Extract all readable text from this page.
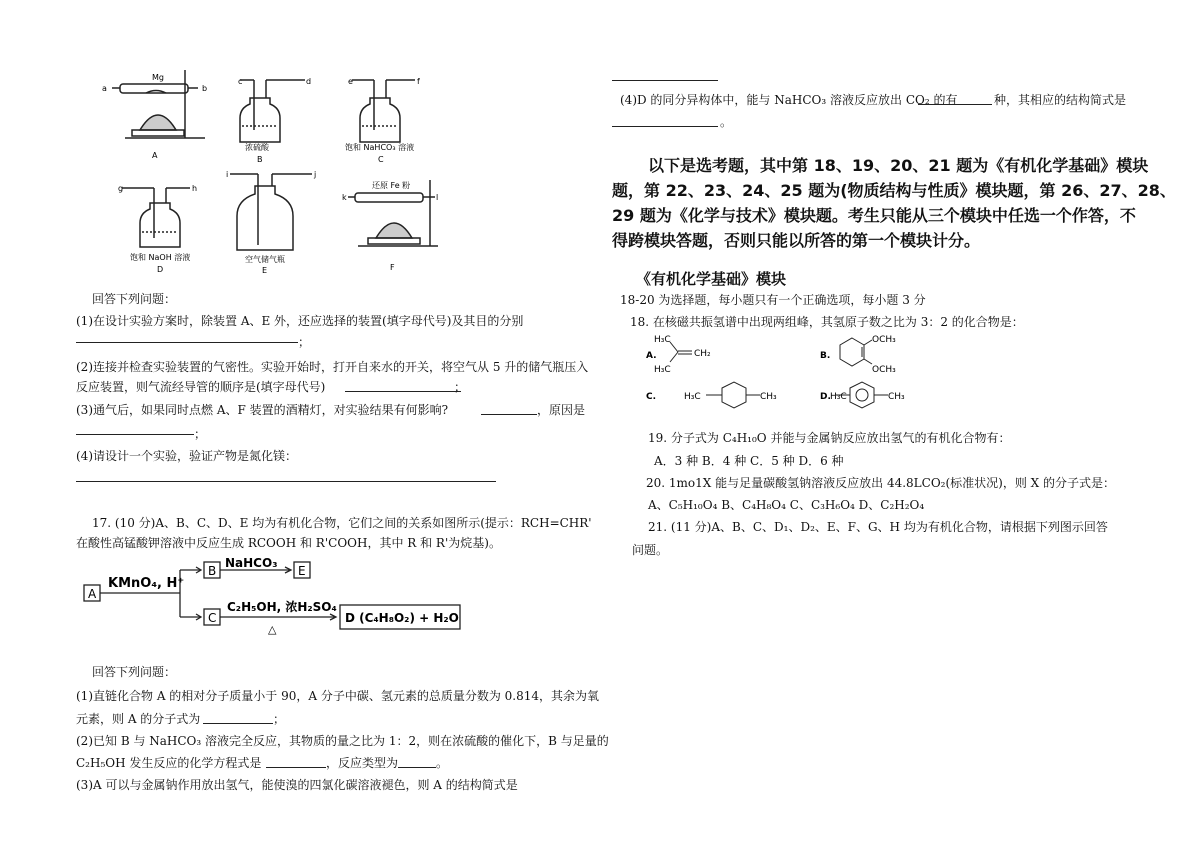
Mg
a	b
A
c	d
浓硫酸
B
e	f
饱和 NaHCO₃ 溶液
C
g	h
饱和 NaOH 溶液
D
i	j
空气储气瓶
E
还原 Fe 粉
k	l
F
回答下列问题：
(1)在设计实验方案时，除装置 A、E 外，还应选择的装置(填字母代号)及其目的分别
；
(2)连接并检查实验装置的气密性。实验开始时，打开自来水的开关，将空气从 5 升的储气瓶压入
反应装置，则气流经导管的顺序是(填字母代号)	；
(3)通气后，如果同时点燃 A、F 装置的酒精灯，对实验结果有何影响?	，原因是
；
(4)请设计一个实验，验证产物是氮化镁：
17. (10 分)A、B、C、D、E 均为有机化合物，它们之间的关系如图所示(提示：RCH=CHR'
在酸性高锰酸钾溶液中反应生成 RCOOH 和 R'COOH，其中 R 和 R'为烷基)。
A
KMnO₄, H⁺
B
NaHCO₃
E
C
C₂H₅OH, 浓H₂SO₄
△
D (C₄H₈O₂) + H₂O
回答下列问题：
(1)直链化合物 A 的相对分子质量小于 90，A 分子中碳、氢元素的总质量分数为 0.814，其余为氧
元素，则 A 的分子式为	；
(2)已知 B 与 NaHCO₃ 溶液完全反应，其物质的量之比为 1：2，则在浓硫酸的催化下，B 与足量的
C₂H₅OH 发生反应的化学方程式是	，反应类型为	。
(3)A 可以与金属钠作用放出氢气，能使溴的四氯化碳溶液褪色，则 A 的结构简式是
(4)D 的同分异构体中，能与 NaHCO₃ 溶液反应放出 CO₂ 的有	种，其相应的结构简式是
。
以下是选考题，其中第 18、19、20、21 题为《有机化学基础》模块
题，第 22、23、24、25 题为(物质结构与性质》模块题，第 26、27、28、
29 题为《化学与技术》模块题。考生只能从三个模块中任选一个作答，不
得跨模块答题，否则只能以所答的第一个模块计分。
《有机化学基础》模块
18-20 为选择题，每小题只有一个正确选项，每小题 3 分
18. 在核磁共振氢谱中出现两组峰，其氢原子数之比为 3：2 的化合物是：
A.
H₃C
H₃C
CH₂	B.
OCH₃
OCH₃
C.	H₃C	CH₃	D. H₃C	CH₃
19. 分子式为 C₄H₁₀O 并能与金属钠反应放出氢气的有机化合物有：
A．3 种 B．4 种 C．5 种 D．6 种
20. 1mo1X 能与足量碳酸氢钠溶液反应放出 44.8LCO₂(标准状况)，则 X 的分子式是：
A、C₅H₁₀O₄ B、C₄H₈O₄ C、C₃H₆O₄ D、C₂H₂O₄
21. (11 分)A、B、C、D₁、D₂、E、F、G、H 均为有机化合物，请根据下列图示回答
问题。
